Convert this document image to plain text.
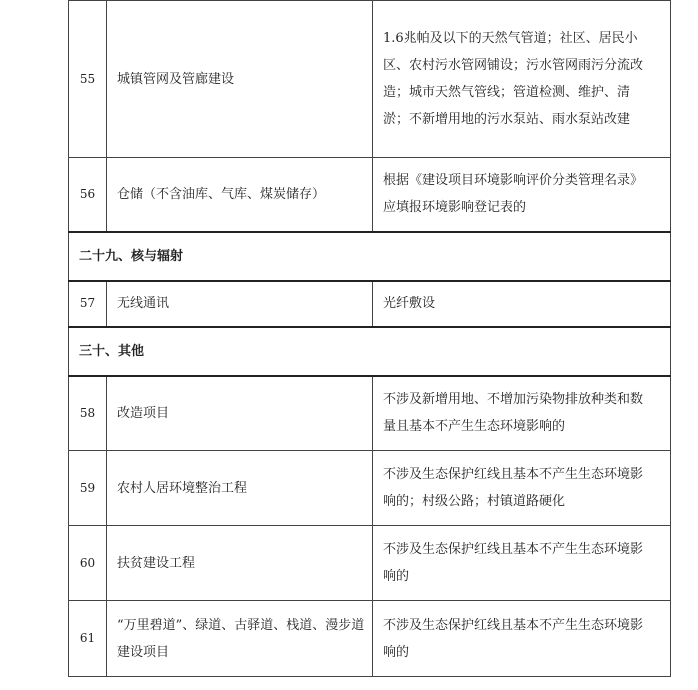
55	城镇管网及管廊建设	1.6兆帕及以下的天然气管道；社区、居民小区、农村污水管网铺设；污水管网雨污分流改造；城市天然气管线；管道检测、维护、清淤；不新增用地的污水泵站、雨水泵站改建

56	仓储（不含油库、气库、煤炭储存）	根据《建设项目环境影响评价分类管理名录》应填报环境影响登记表的

二十九、核与辐射		
57	无线通讯	光纤敷设

三十、其他		
58	改造项目	不涉及新增用地、不增加污染物排放种类和数量且基本不产生生态环境影响的

59	农村人居环境整治工程	不涉及生态保护红线且基本不产生生态环境影响的；村级公路；村镇道路硬化

60	扶贫建设工程	不涉及生态保护红线且基本不产生生态环境影响的

61	“万里碧道”、绿道、古驿道、栈道、漫步道建设项目	不涉及生态保护红线且基本不产生生态环境影响的
